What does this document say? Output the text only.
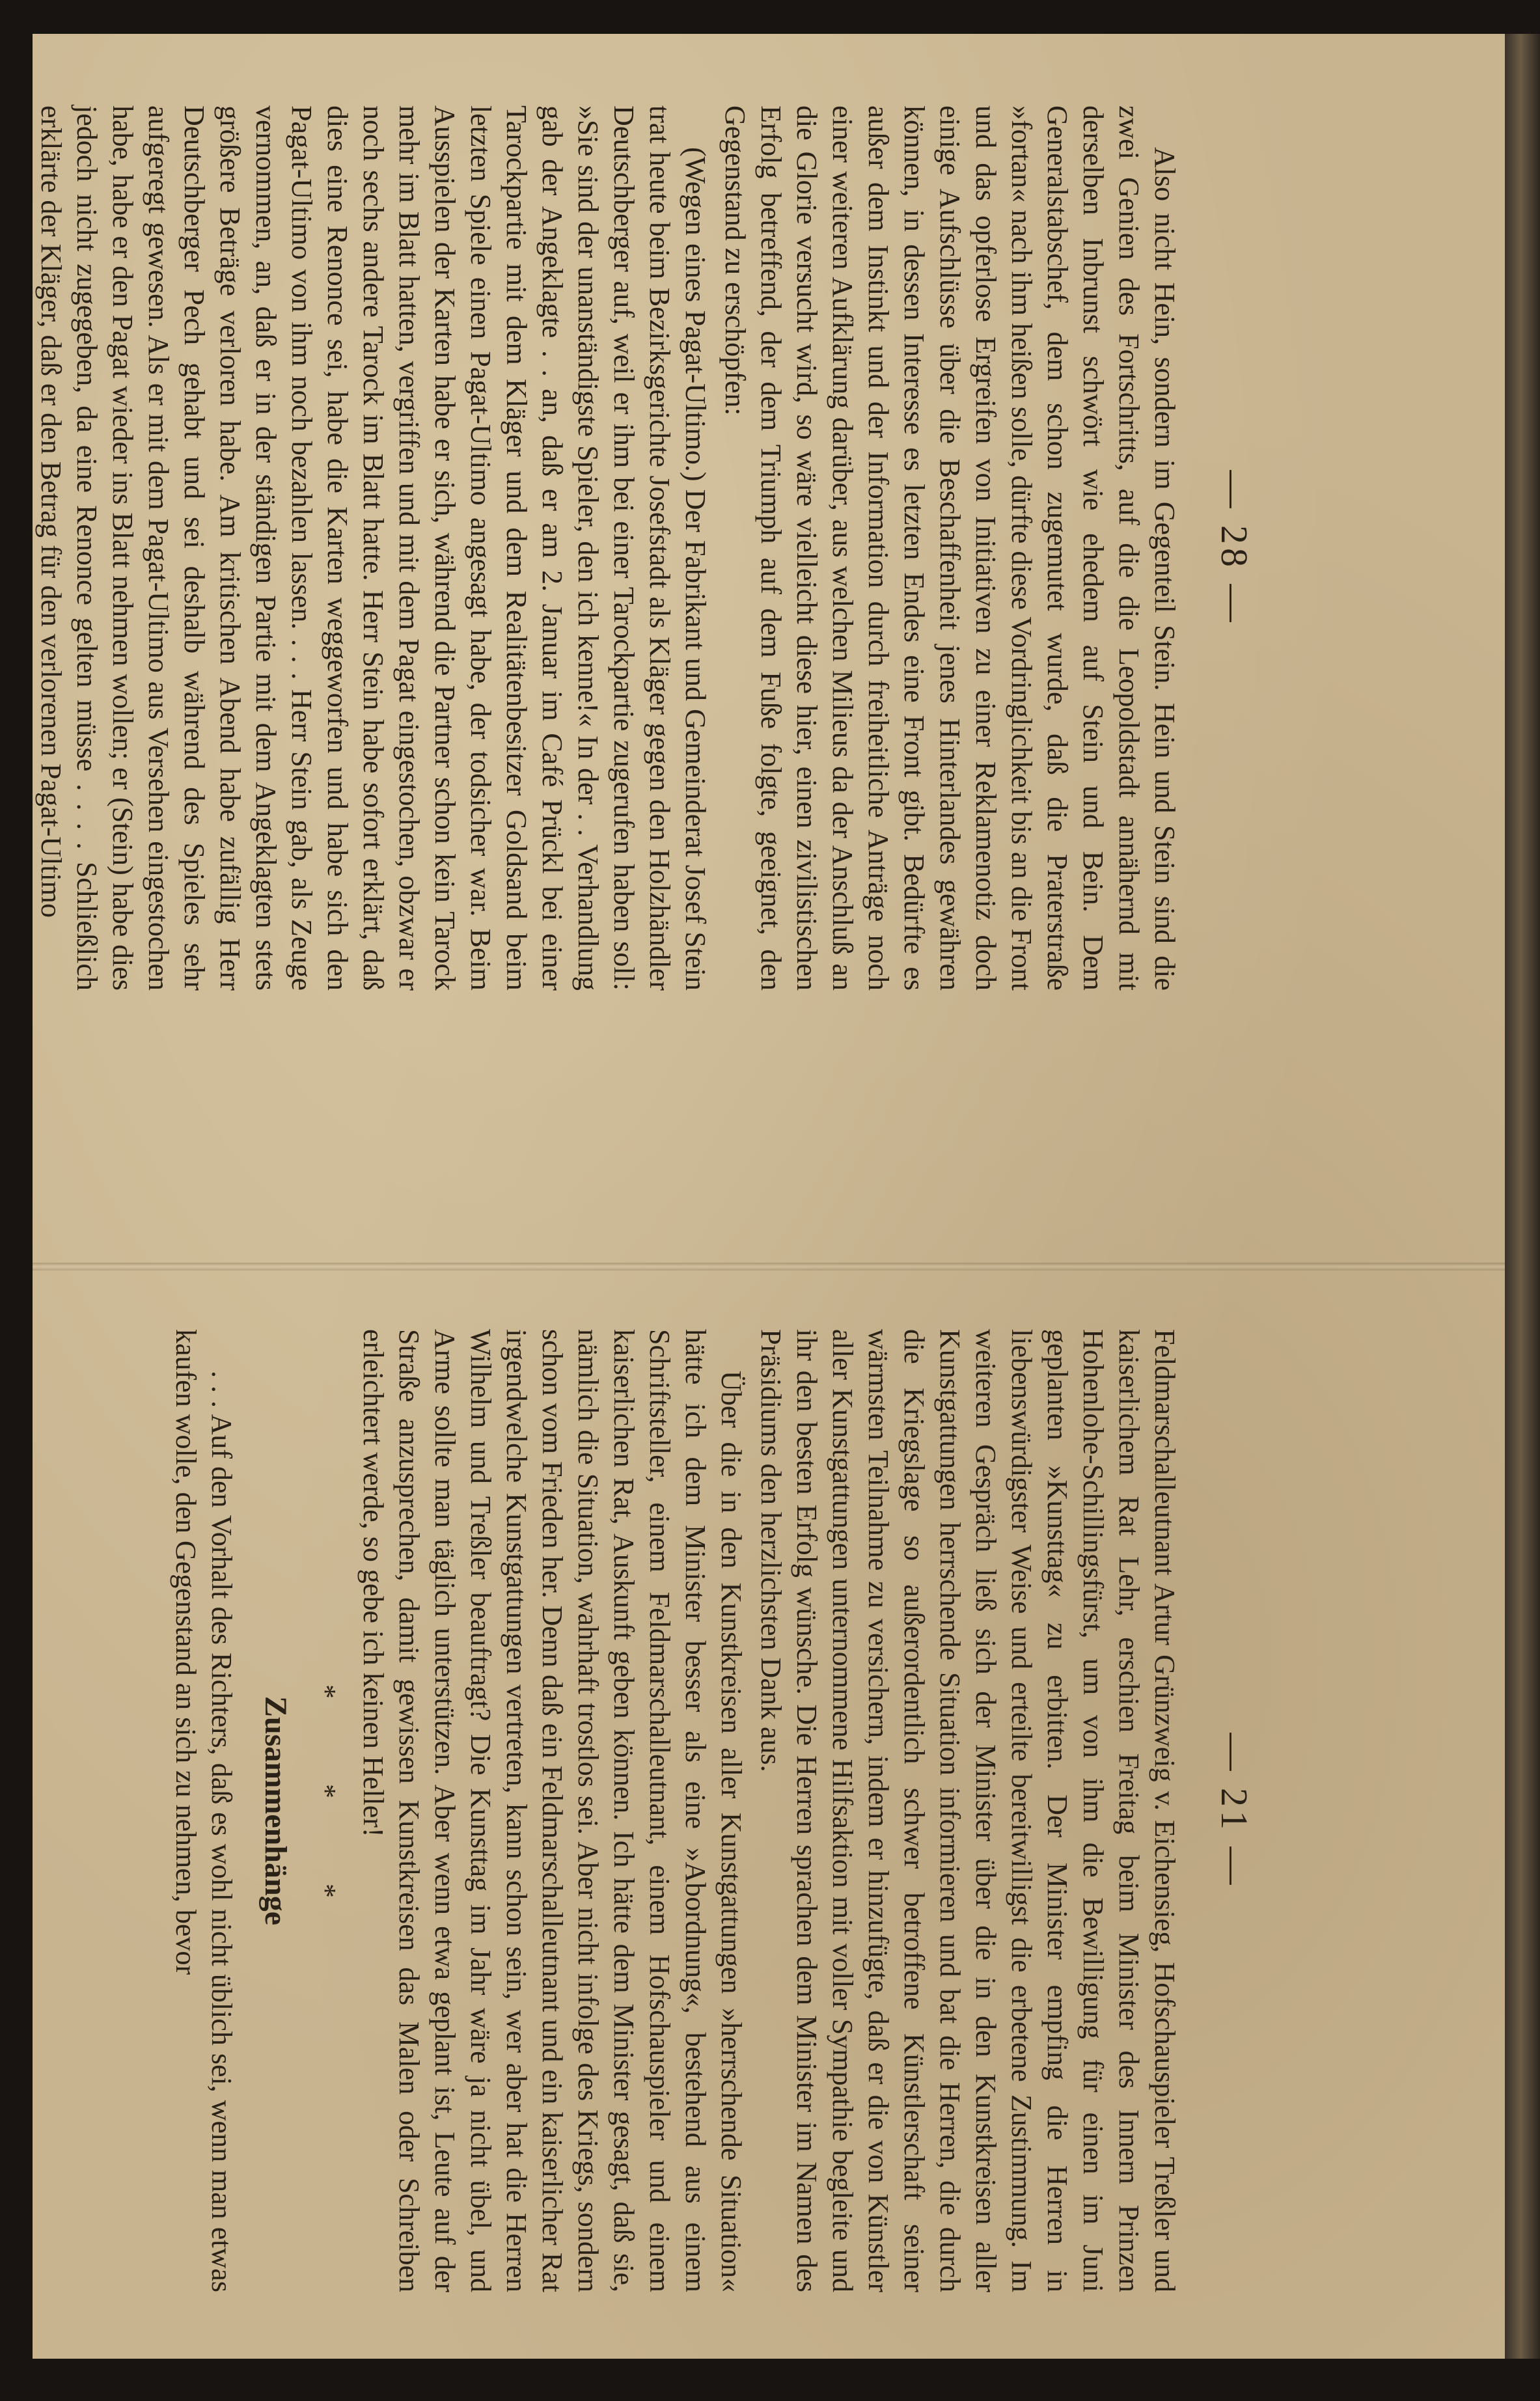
— 28 —

Also nicht Hein, sondern im Gegenteil Stein. Hein und Stein sind die zwei Genien des Fortschritts, auf die die Leopoldstadt annähernd mit derselben Inbrunst schwört wie ehedem auf Stein und Bein. Dem Generalstabschef, dem schon zugemutet wurde, daß die Praterstraße »fortan« nach ihm heißen solle, dürfte diese Vordringlichkeit bis an die Front und das opferlose Ergreifen von Initiativen zu einer Reklamenotiz doch einige Aufschlüsse über die Beschaffenheit jenes Hinterlandes gewähren können, in dessen Interesse es letzten Endes eine Front gibt. Bedürfte es außer dem Instinkt und der Information durch freiheitliche Anträge noch einer weiteren Aufklärung darüber, aus welchen Milieus da der Anschluß an die Glorie versucht wird, so wäre vielleicht diese hier, einen zivilistischen Erfolg betreffend, der dem Triumph auf dem Fuße folgte, geeignet, den Gegenstand zu erschöpfen:

(Wegen eines Pagat-Ultimo.) Der Fabrikant und Gemeinderat Josef Stein trat heute beim Bezirksgerichte Josefstadt als Kläger gegen den Holzhändler Deutschberger auf, weil er ihm bei einer Tarockpartie zugerufen haben soll: »Sie sind der unanständigste Spieler, den ich kenne!« In der . . Verhandlung gab der Angeklagte . . an, daß er am 2. Januar im Café Prückl bei einer Tarockpartie mit dem Kläger und dem Realitätenbesitzer Goldsand beim letzten Spiele einen Pagat-Ultimo angesagt habe, der todsicher war. Beim Ausspielen der Karten habe er sich, während die Partner schon kein Tarock mehr im Blatt hatten, vergriffen und mit dem Pagat eingestochen, obzwar er noch sechs andere Tarock im Blatt hatte. Herr Stein habe sofort erklärt, daß dies eine Renonce sei, habe die Karten weggeworfen und habe sich den Pagat-Ultimo von ihm noch bezahlen lassen. . . . Herr Stein gab, als Zeuge vernommen, an, daß er in der ständigen Partie mit dem Angeklagten stets größere Beträge verloren habe. Am kritischen Abend habe zufällig Herr Deutschberger Pech gehabt und sei deshalb während des Spieles sehr aufgeregt gewesen. Als er mit dem Pagat-Ultimo aus Versehen eingestochen habe, habe er den Pagat wieder ins Blatt nehmen wollen; er (Stein) habe dies jedoch nicht zugegeben, da eine Renonce gelten müsse . . . . Schließlich erklärte der Kläger, daß er den Betrag für den verlorenen Pagat-Ultimo

— 21 —

Feldmarschalleutnant Artur Grünzweig v. Eichensieg, Hofschauspieler Treßler und kaiserlichem Rat Lehr, erschien Freitag beim Minister des Innern Prinzen Hohenlohe-Schillingsfürst, um von ihm die Bewilligung für einen im Juni geplanten »Kunsttag« zu erbitten. Der Minister empfing die Herren in liebenswürdigster Weise und erteilte bereitwilligst die erbetene Zustimmung. Im weiteren Gespräch ließ sich der Minister über die in den Kunstkreisen aller Kunstgattungen herrschende Situation informieren und bat die Herren, die durch die Kriegslage so außerordentlich schwer betroffene Künstlerschaft seiner wärmsten Teilnahme zu versichern, indem er hinzufügte, daß er die von Künstler aller Kunstgattungen unternommene Hilfsaktion mit voller Sympathie begleite und ihr den besten Erfolg wünsche. Die Herren sprachen dem Minister im Namen des Präsidiums den herzlichsten Dank aus.

Über die in den Kunstkreisen aller Kunstgattungen »herrschende Situation« hätte ich dem Minister besser als eine »Abordnung«, bestehend aus einem Schriftsteller, einem Feldmarschalleutnant, einem Hofschauspieler und einem kaiserlichen Rat, Auskunft geben können. Ich hätte dem Minister gesagt, daß sie, nämlich die Situation, wahrhaft trostlos sei. Aber nicht infolge des Kriegs, sondern schon vom Frieden her. Denn daß ein Feldmarschalleutnant und ein kaiserlicher Rat irgendwelche Kunstgattungen vertreten, kann schon sein, wer aber hat die Herren Wilhelm und Treßler beauftragt? Die Kunsttag im Jahr wäre ja nicht übel, und Arme sollte man täglich unterstützen. Aber wenn etwa geplant ist, Leute auf der Straße anzusprechen, damit gewissen Kunstkreisen das Malen oder Schreiben erleichtert werde, so gebe ich keinen Heller!

* * *
Zusammenhänge

. . . Auf den Vorhalt des Richters, daß es wohl nicht üblich sei, wenn man etwas kaufen wolle, den Gegenstand an sich zu nehmen, bevor
